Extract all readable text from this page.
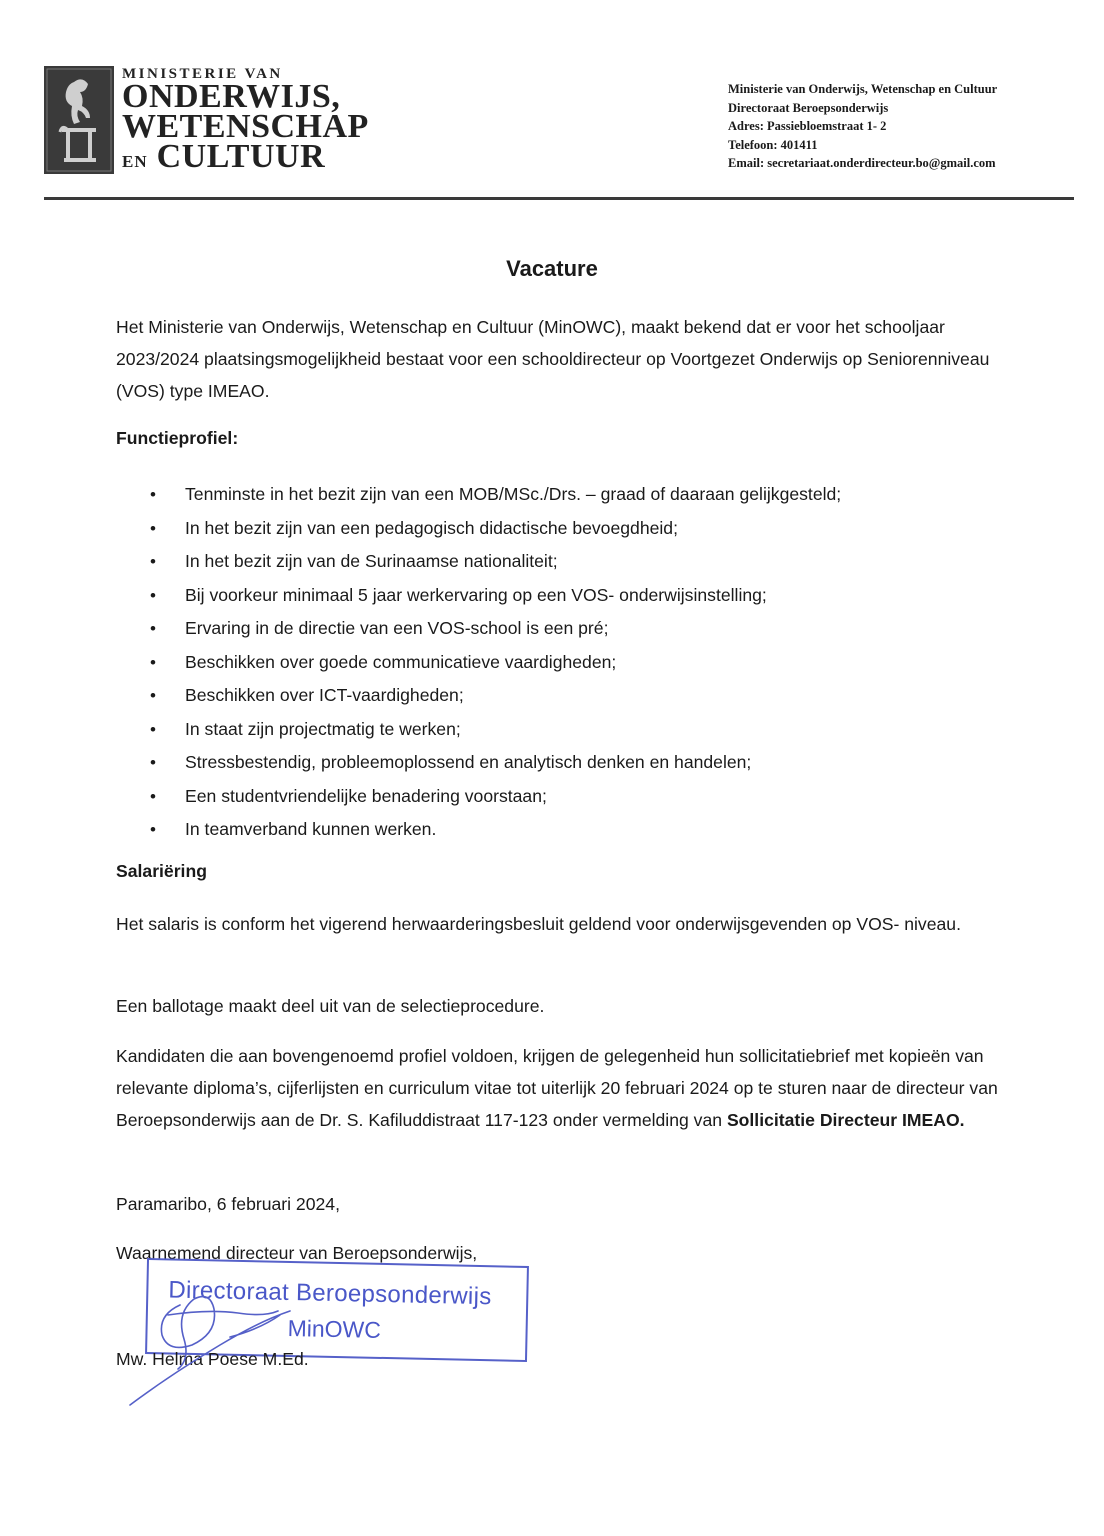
MINISTERIE VAN
ONDERWIJS,
WETENSCHAP
EN CULTUUR
Ministerie van Onderwijs, Wetenschap en Cultuur
Directoraat Beroepsonderwijs
Adres: Passiebloemstraat 1- 2
Telefoon: 401411
Email: secretariaat.onderdirecteur.bo@gmail.com
Vacature
Het Ministerie van Onderwijs, Wetenschap en Cultuur (MinOWC), maakt bekend dat er voor het schooljaar 2023/2024 plaatsingsmogelijkheid bestaat voor een schooldirecteur op Voortgezet Onderwijs op Seniorenniveau (VOS) type IMEAO.
Functieprofiel:
• Tenminste in het bezit zijn van een MOB/MSc./Drs. – graad of daaraan gelijkgesteld;
• In het bezit zijn van een pedagogisch didactische bevoegdheid;
• In het bezit zijn van de Surinaamse nationaliteit;
• Bij voorkeur minimaal 5 jaar werkervaring op een VOS- onderwijsinstelling;
• Ervaring in de directie van een VOS-school is een pré;
• Beschikken over goede communicatieve vaardigheden;
• Beschikken over ICT-vaardigheden;
• In staat zijn projectmatig te werken;
• Stressbestendig, probleemoplossend en analytisch denken en handelen;
• Een studentvriendelijke benadering voorstaan;
• In teamverband kunnen werken.
Salariëring
Het salaris is conform het vigerend herwaarderingsbesluit geldend voor onderwijsgevenden op VOS- niveau.
Een ballotage maakt deel uit van de selectieprocedure.
Kandidaten die aan bovengenoemd profiel voldoen, krijgen de gelegenheid hun sollicitatiebrief met kopieën van relevante diploma’s, cijferlijsten en curriculum vitae tot uiterlijk 20 februari 2024 op te sturen naar de directeur van Beroepsonderwijs aan de Dr. S. Kafiluddistraat 117-123 onder vermelding van Sollicitatie Directeur IMEAO.
Paramaribo, 6 februari 2024,
Waarnemend directeur van Beroepsonderwijs,
Directoraat Beroepsonderwijs
MinOWC
Mw. Helma Poese M.Ed.
